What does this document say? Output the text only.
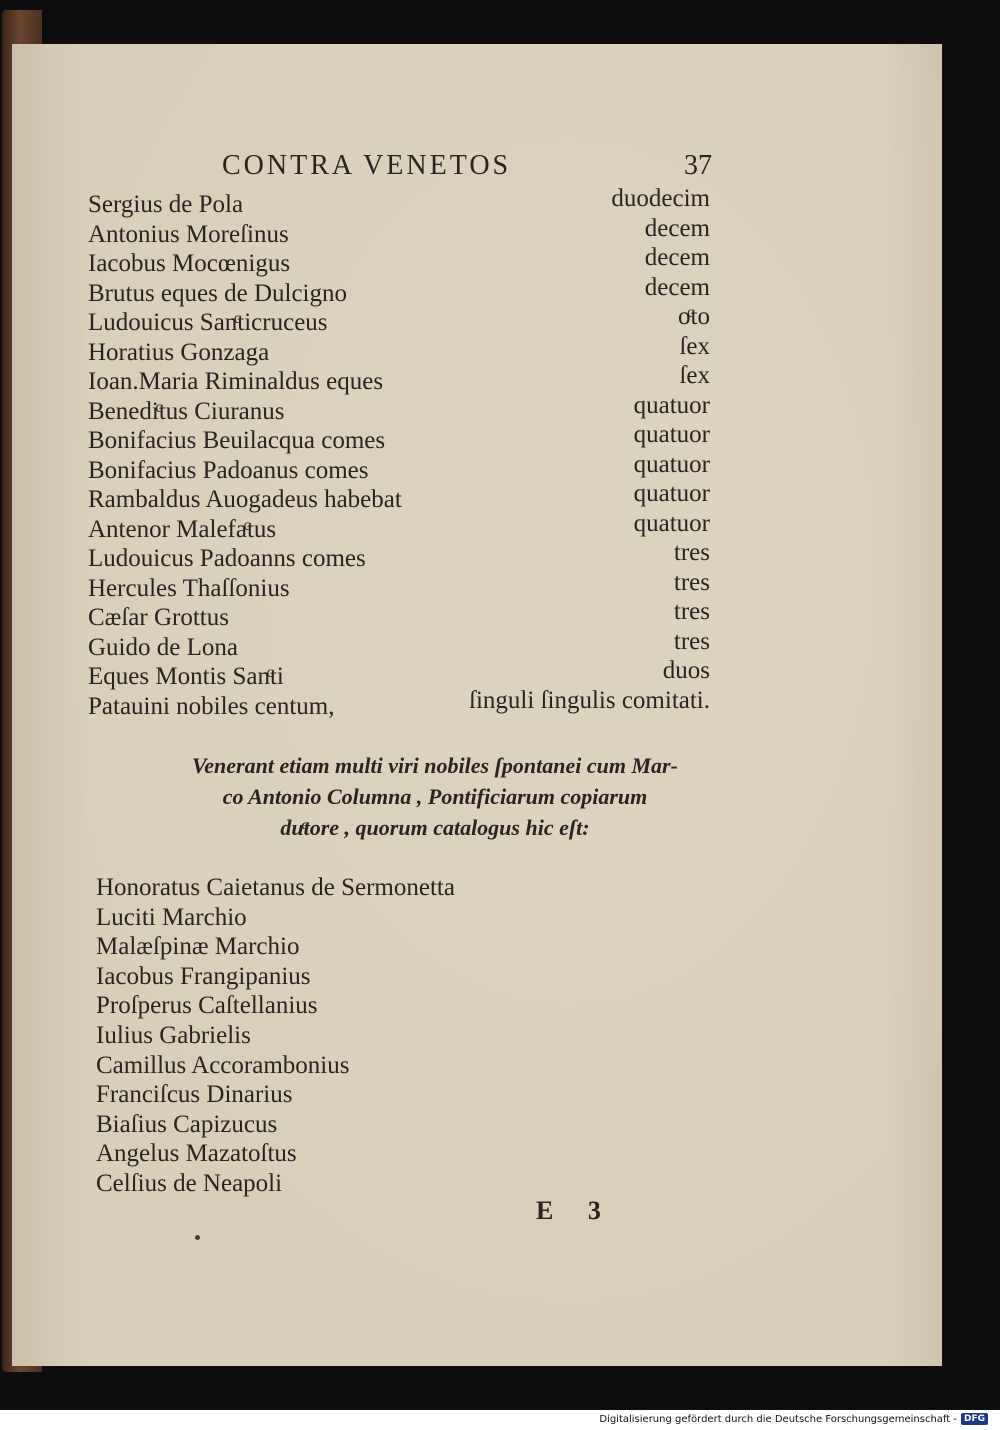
CONTRA VENETOS	37
Sergius de Pola	duodecim
Antonius Moreſinus	decem
Iacobus Mocœnigus	decem
Brutus eques de Dulcigno	decem
Ludouicus Sanͨticruceus	oͨto
Horatius Gonzaga	ſex
Ioan.Maria Riminaldus eques	ſex
Benediͨtus Ciuranus	quatuor
Bonifacius Beuilacqua comes	quatuor
Bonifacius Padoanus comes	quatuor
Rambaldus Auogadeus habebat	quatuor
Antenor Malefaͨtus	quatuor
Ludouicus Padoanns comes	tres
Hercules Thaſſonius	tres
Cæſar Grottus	tres
Guido de Lona	tres
Eques Montis Sanͨti	duos
Patauini nobiles centum,	ſinguli ſingulis comitati.
Venerant etiam multi viri nobiles ſpontanei cum Mar-
co Antonio Columna , Pontificiarum copiarum
duͨtore , quorum catalogus hic eſt:
Honoratus Caietanus de Sermonetta
Luciti Marchio
Malæſpinæ Marchio
Iacobus Frangipanius
Proſperus Caſtellanius
Iulius Gabrielis
Camillus Accorambonius
Franciſcus Dinarius
Biaſius Capizucus
Angelus Mazatoſtus
Celſius de Neapoli
E 3
Digitalisierung gefördert durch die Deutsche Forschungsgemeinschaft - DFG
